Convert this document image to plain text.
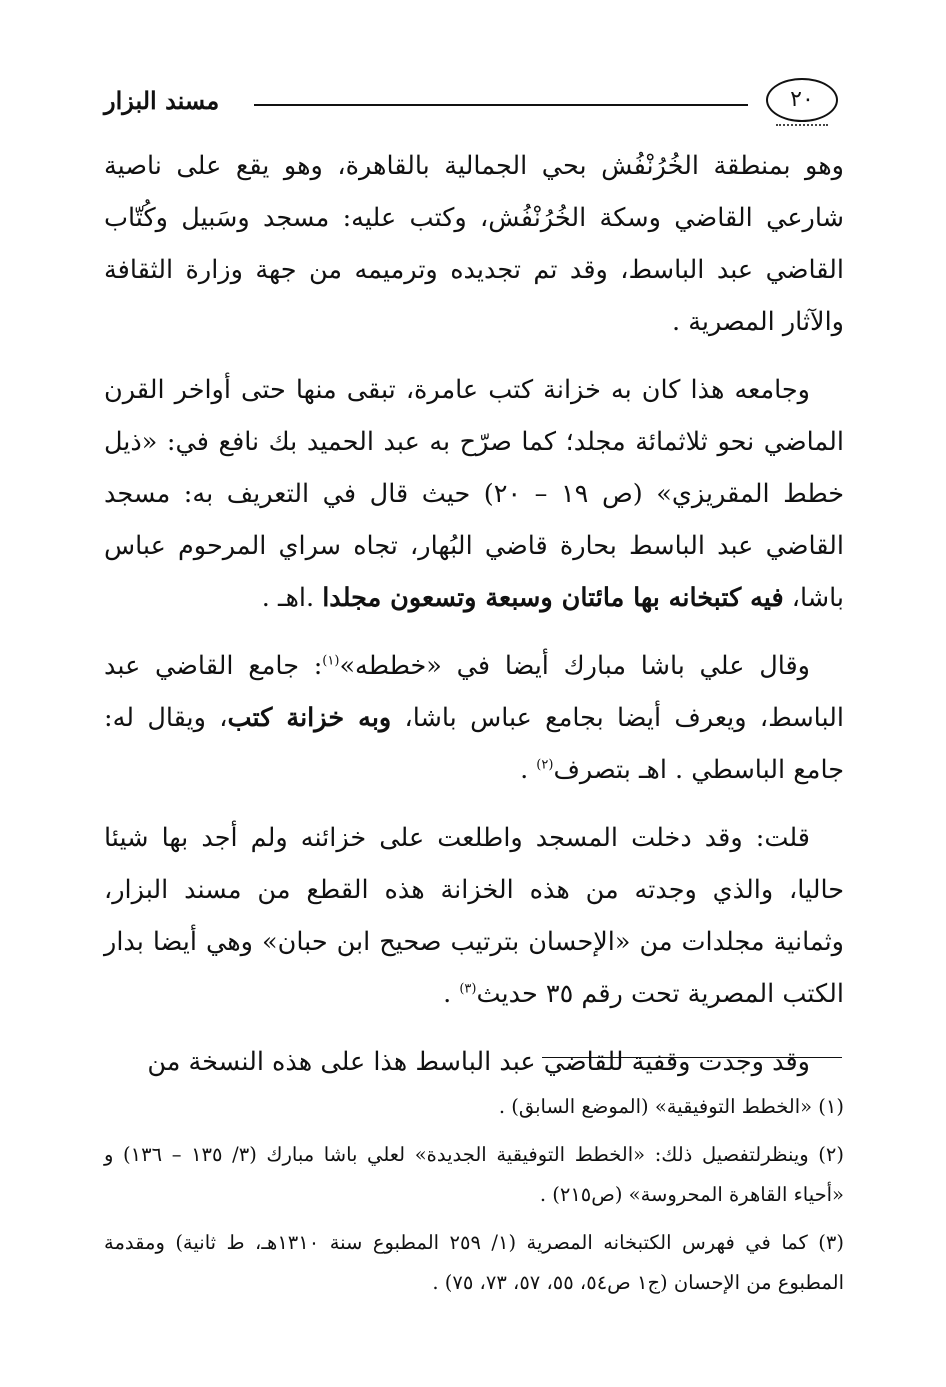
٢٠
مسند البزار

وهو بمنطقة الخُرُنْفُش بحي الجمالية بالقاهرة، وهو يقع على ناصية شارعي القاضي وسكة الخُرُنْفُش، وكتب عليه: مسجد وسَبيل وكُتّاب القاضي عبد الباسط، وقد تم تجديده وترميمه من جهة وزارة الثقافة والآثار المصرية .

وجامعه هذا كان به خزانة كتب عامرة، تبقى منها حتى أواخر القرن الماضي نحو ثلاثمائة مجلد؛ كما صرّح به عبد الحميد بك نافع في: «ذيل خطط المقريزي» (ص ١٩ – ٢٠) حيث قال في التعريف به: مسجد القاضي عبد الباسط بحارة قاضي البُهار، تجاه سراي المرحوم عباس باشا، فيه كتبخانه بها مائتان وسبعة وتسعون مجلدا .اهـ .

وقال علي باشا مبارك أيضا في «خططه»$^{(١)}$: جامع القاضي عبد الباسط، ويعرف أيضا بجامع عباس باشا، وبه خزانة كتب، ويقال له: جامع الباسطي . اهـ بتصرف$^{(٢)}$ .

قلت: وقد دخلت المسجد واطلعت على خزائنه ولم أجد بها شيئا حاليا، والذي وجدته من هذه الخزانة هذه القطع من مسند البزار، وثمانية مجلدات من «الإحسان بترتيب صحيح ابن حبان» وهي أيضا بدار الكتب المصرية تحت رقم ٣٥ حديث$^{(٣)}$ .

وقد وجدت وقفية للقاضي عبد الباسط هذا على هذه النسخة من

(١) «الخطط التوفيقية» (الموضع السابق) .

(٢) وينظرلتفصيل ذلك: «الخطط التوفيقية الجديدة» لعلي باشا مبارك (٣/ ١٣٥ – ١٣٦) و «أحياء القاهرة المحروسة» (ص٢١٥) .

(٣) كما في فهرس الكتبخانه المصرية (١/ ٢٥٩ المطبوع سنة ١٣١٠هـ، ط ثانية) ومقدمة المطبوع من الإحسان (ج١ ص٥٤، ٥٥، ٥٧، ٧٣، ٧٥) .
